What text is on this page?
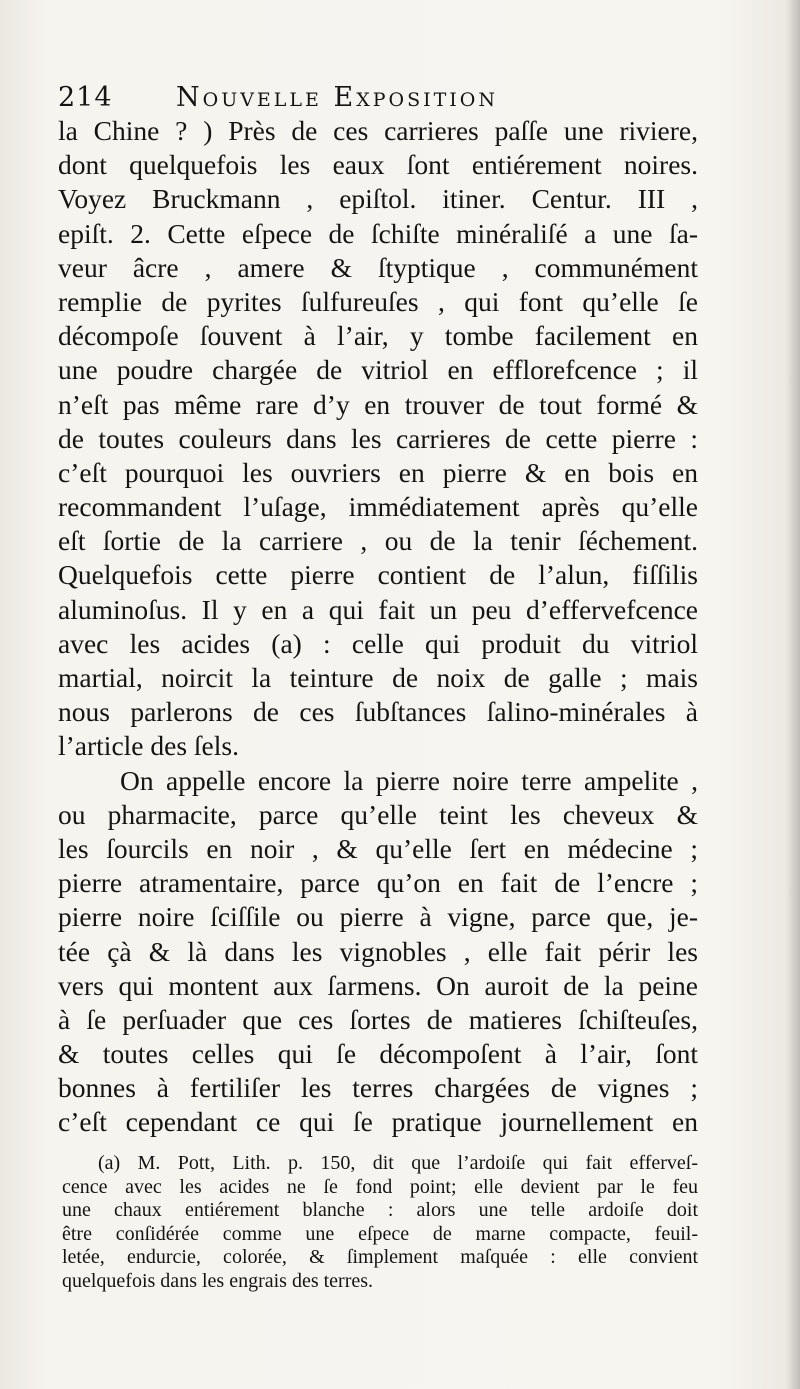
214 Nouvelle Exposition
la Chine ? ) Près de ces carrieres paſſe une riviere,
dont quelquefois les eaux ſont entiérement noires.
Voyez Bruckmann , epiſtol. itiner. Centur. III ,
epiſt. 2. Cette eſpece de ſchiſte minéraliſé a une ſa-
veur âcre , amere & ſtyptique , communément
remplie de pyrites ſulfureuſes , qui font qu’elle ſe
décompoſe ſouvent à l’air, y tombe facilement en
une poudre chargée de vitriol en efflorefcence ; il
n’eſt pas même rare d’y en trouver de tout formé &
de toutes couleurs dans les carrieres de cette pierre :
c’eſt pourquoi les ouvriers en pierre & en bois en
recommandent l’uſage, immédiatement après qu’elle
eſt ſortie de la carriere , ou de la tenir ſéchement.
Quelquefois cette pierre contient de l’alun, fiſſilis
aluminoſus. Il y en a qui fait un peu d’effervefcence
avec les acides (a) : celle qui produit du vitriol
martial, noircit la teinture de noix de galle ; mais
nous parlerons de ces ſubſtances ſalino-minérales à
l’article des ſels.
On appelle encore la pierre noire terre ampelite ,
ou pharmacite, parce qu’elle teint les cheveux &
les ſourcils en noir , & qu’elle ſert en médecine ;
pierre atramentaire, parce qu’on en fait de l’encre ;
pierre noire ſciſſile ou pierre à vigne, parce que, je-
tée çà & là dans les vignobles , elle fait périr les
vers qui montent aux ſarmens. On auroit de la peine
à ſe perſuader que ces ſortes de matieres ſchiſteuſes,
& toutes celles qui ſe décompoſent à l’air, ſont
bonnes à fertiliſer les terres chargées de vignes ;
c’eſt cependant ce qui ſe pratique journellement en
(a) M. Pott, Lith. p. 150, dit que l’ardoiſe qui fait efferveſ-
cence avec les acides ne ſe fond point; elle devient par le feu
une chaux entiérement blanche : alors une telle ardoiſe doit
être conſidérée comme une eſpece de marne compacte, feuil-
letée, endurcie, colorée, & ſimplement maſquée : elle convient
quelquefois dans les engrais des terres.
